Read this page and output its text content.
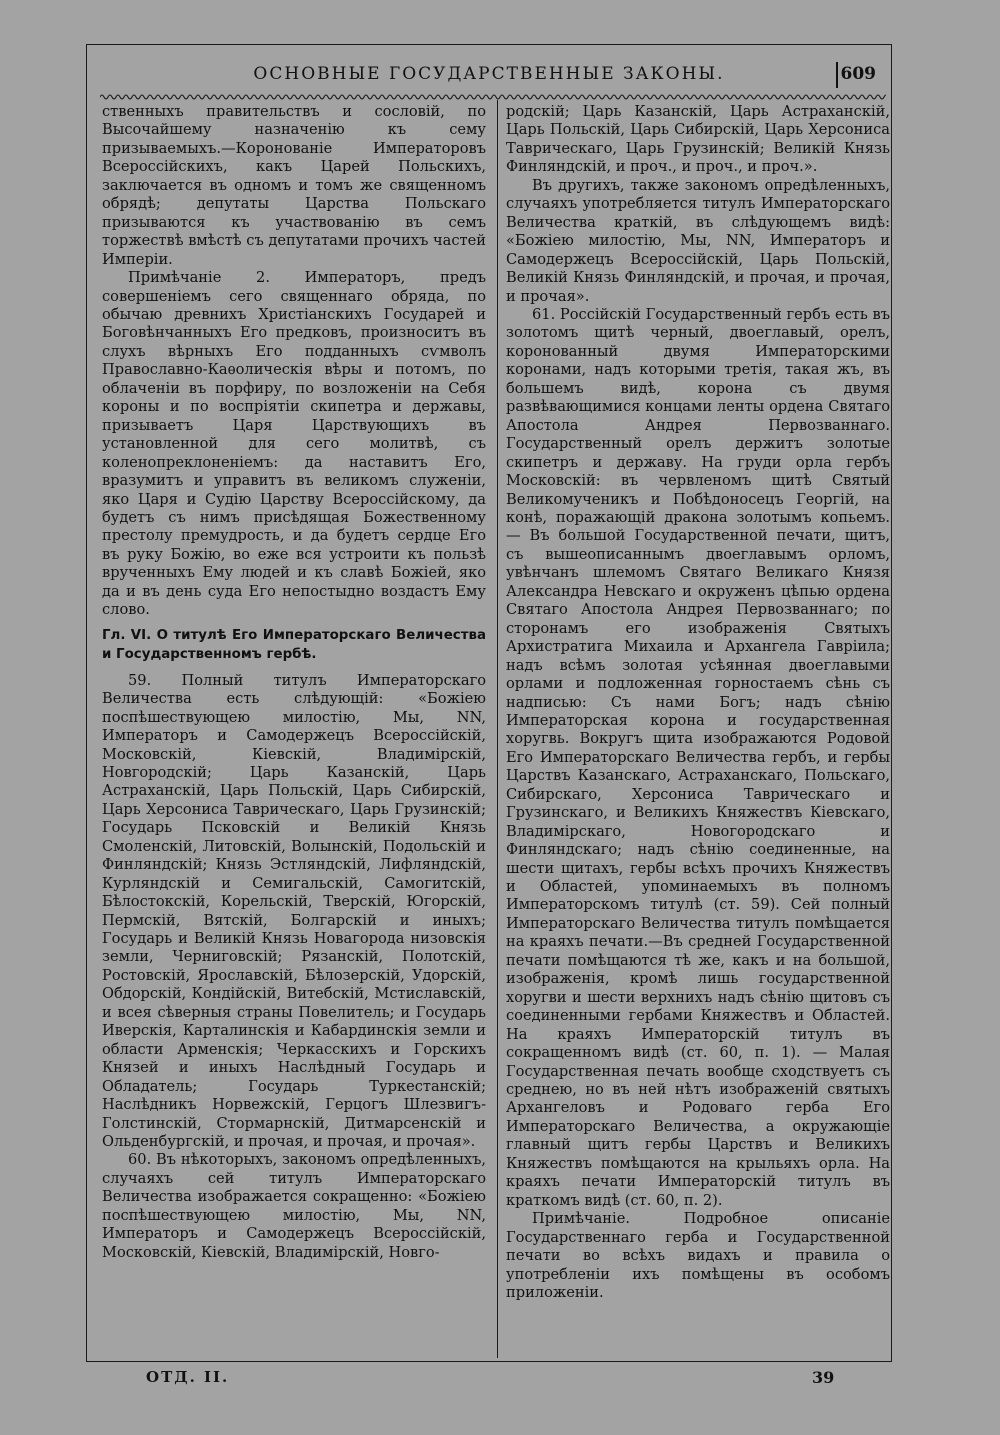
ОСНОВНЫЕ ГОСУДАРСТВЕННЫЕ ЗАКОНЫ.	609

ственныхъ правительствъ и сословій, по Высочайшему назначенію къ сему призываемыхъ.—Коронованіе Императоровъ Всероссійскихъ, какъ Царей Польскихъ, заключается въ одномъ и томъ же священномъ обрядѣ; депутаты Царства Польскаго призываются къ участвованію въ семъ торжествѣ вмѣстѣ съ депутатами прочихъ частей Имперіи.

Примѣчаніе 2. Императоръ, предъ совершеніемъ сего священнаго обряда, по обычаю древнихъ Христіанскихъ Государей и Боговѣнчанныхъ Его предковъ, произноситъ въ слухъ вѣрныхъ Его подданныхъ сѵмволъ Православно-Каѳолическія вѣры и потомъ, по облаченіи въ порфиру, по возложеніи на Себя короны и по воспріятіи скипетра и державы, призываетъ Царя Царствующихъ въ установленной для сего молитвѣ, съ коленопреклоненіемъ: да наставитъ Его, вразумитъ и управитъ въ великомъ служеніи, яко Царя и Судію Царству Всероссійскому, да будетъ съ нимъ присѣдящая Божественному престолу премудрость, и да будетъ сердце Его въ руку Божію, во еже вся устроити къ пользѣ врученныхъ Ему людей и къ славѣ Божіей, яко да и въ день суда Его непостыдно воздастъ Ему слово.

Гл. VI. О титулѣ Его Императорскаго Величества и Государственномъ гербѣ.

59. Полный титулъ Императорскаго Величества есть слѣдующій: «Божіею поспѣшествующею милостію, Мы, NN, Императоръ и Самодержецъ Всероссійскій, Московскій, Кіевскій, Владимірскій, Новгородскій; Царь Казанскій, Царь Астраханскій, Царь Польскій, Царь Сибирскій, Царь Херсониса Таврическаго, Царь Грузинскій; Государь Псковскій и Великій Князь Смоленскій, Литовскій, Волынскій, Подольскій и Финляндскій; Князь Эстляндскій, Лифляндскій, Курляндскій и Семигальскій, Самогитскій, Бѣлостокскій, Корельскій, Тверскій, Югорскій, Пермскій, Вятскій, Болгарскій и иныхъ; Государь и Великій Князь Новагорода низовскія земли, Черниговскій; Рязанскій, Полотскій, Ростовскій, Ярославскій, Бѣлозерскій, Удорскій, Обдорскій, Кондійскій, Витебскій, Мстиславскій, и всея сѣверныя страны Повелитель; и Государь Иверскія, Карталинскія и Кабардинскія земли и области Арменскія; Черкасскихъ и Горскихъ Князей и иныхъ Наслѣдный Государь и Обладатель; Государь Туркестанскій; Наслѣдникъ Норвежскій, Герцогъ Шлезвигъ-Голстинскій, Стормарнскій, Дитмарсенскій и Ольденбургскій, и прочая, и прочая, и прочая».

60. Въ нѣкоторыхъ, закономъ опредѣленныхъ, случаяхъ сей титулъ Императорскаго Величества изображается сокращенно: «Божіею поспѣшествующею милостію, Мы, NN, Императоръ и Самодержецъ Всероссійскій, Московскій, Кіевскій, Владимірскій, Новго-

родскій; Царь Казанскій, Царь Астраханскій, Царь Польскій, Царь Сибирскій, Царь Херсониса Таврическаго, Царь Грузинскій; Великій Князь Финляндскій, и проч., и проч., и проч.».

Въ другихъ, также закономъ опредѣленныхъ, случаяхъ употребляется титулъ Императорскаго Величества краткій, въ слѣдующемъ видѣ: «Божіею милостію, Мы, NN, Императоръ и Самодержецъ Всероссійскій, Царь Польскій, Великій Князь Финляндскій, и прочая, и прочая, и прочая».

61. Россійскій Государственный гербъ есть въ золотомъ щитѣ черный, двоеглавый, орелъ, коронованный двумя Императорскими коронами, надъ которыми третія, такая жъ, въ большемъ видѣ, корона съ двумя развѣвающимися концами ленты ордена Святаго Апостола Андрея Первозваннаго. Государственный орелъ держитъ золотые скипетръ и державу. На груди орла гербъ Московскій: въ червленомъ щитѣ Святый Великомученикъ и Побѣдоносецъ Георгій, на конѣ, поражающій дракона золотымъ копьемъ. — Въ большой Государственной печати, щитъ, съ вышеописаннымъ двоеглавымъ орломъ, увѣнчанъ шлемомъ Святаго Великаго Князя Александра Невскаго и окруженъ цѣпью ордена Святаго Апостола Андрея Первозваннаго; по сторонамъ его изображенія Святыхъ Архистратига Михаила и Архангела Гавріила; надъ всѣмъ золотая усѣянная двоеглавыми орлами и подложенная горностаемъ сѣнь съ надписью: Съ нами Богъ; надъ сѣнію Императорская корона и государственная хоругвь. Вокругъ щита изображаются Родовой Его Императорскаго Величества гербъ, и гербы Царствъ Казанскаго, Астраханскаго, Польскаго, Сибирскаго, Херсониса Таврическаго и Грузинскаго, и Великихъ Княжествъ Кіевскаго, Владимірскаго, Новогородскаго и Финляндскаго; надъ сѣнію соединенные, на шести щитахъ, гербы всѣхъ прочихъ Княжествъ и Областей, упоминаемыхъ въ полномъ Императорскомъ титулѣ (ст. 59). Сей полный Императорскаго Величества титулъ помѣщается на краяхъ печати.—Въ средней Государственной печати помѣщаются тѣ же, какъ и на большой, изображенія, кромѣ лишь государственной хоругви и шести верхнихъ надъ сѣнію щитовъ съ соединенными гербами Княжествъ и Областей. На краяхъ Императорскій титулъ въ сокращенномъ видѣ (ст. 60, п. 1). — Малая Государственная печать вообще сходствуетъ съ среднею, но въ ней нѣтъ изображеній святыхъ Архангеловъ и Родоваго герба Его Императорскаго Величества, а окружающіе главный щитъ гербы Царствъ и Великихъ Княжествъ помѣщаются на крыльяхъ орла. На краяхъ печати Императорскій титулъ въ краткомъ видѣ (ст. 60, п. 2).

Примѣчаніе. Подробное описаніе Государственнаго герба и Государственной печати во всѣхъ видахъ и правила о употребленіи ихъ помѣщены въ особомъ приложеніи.

ОТД. II.	39
